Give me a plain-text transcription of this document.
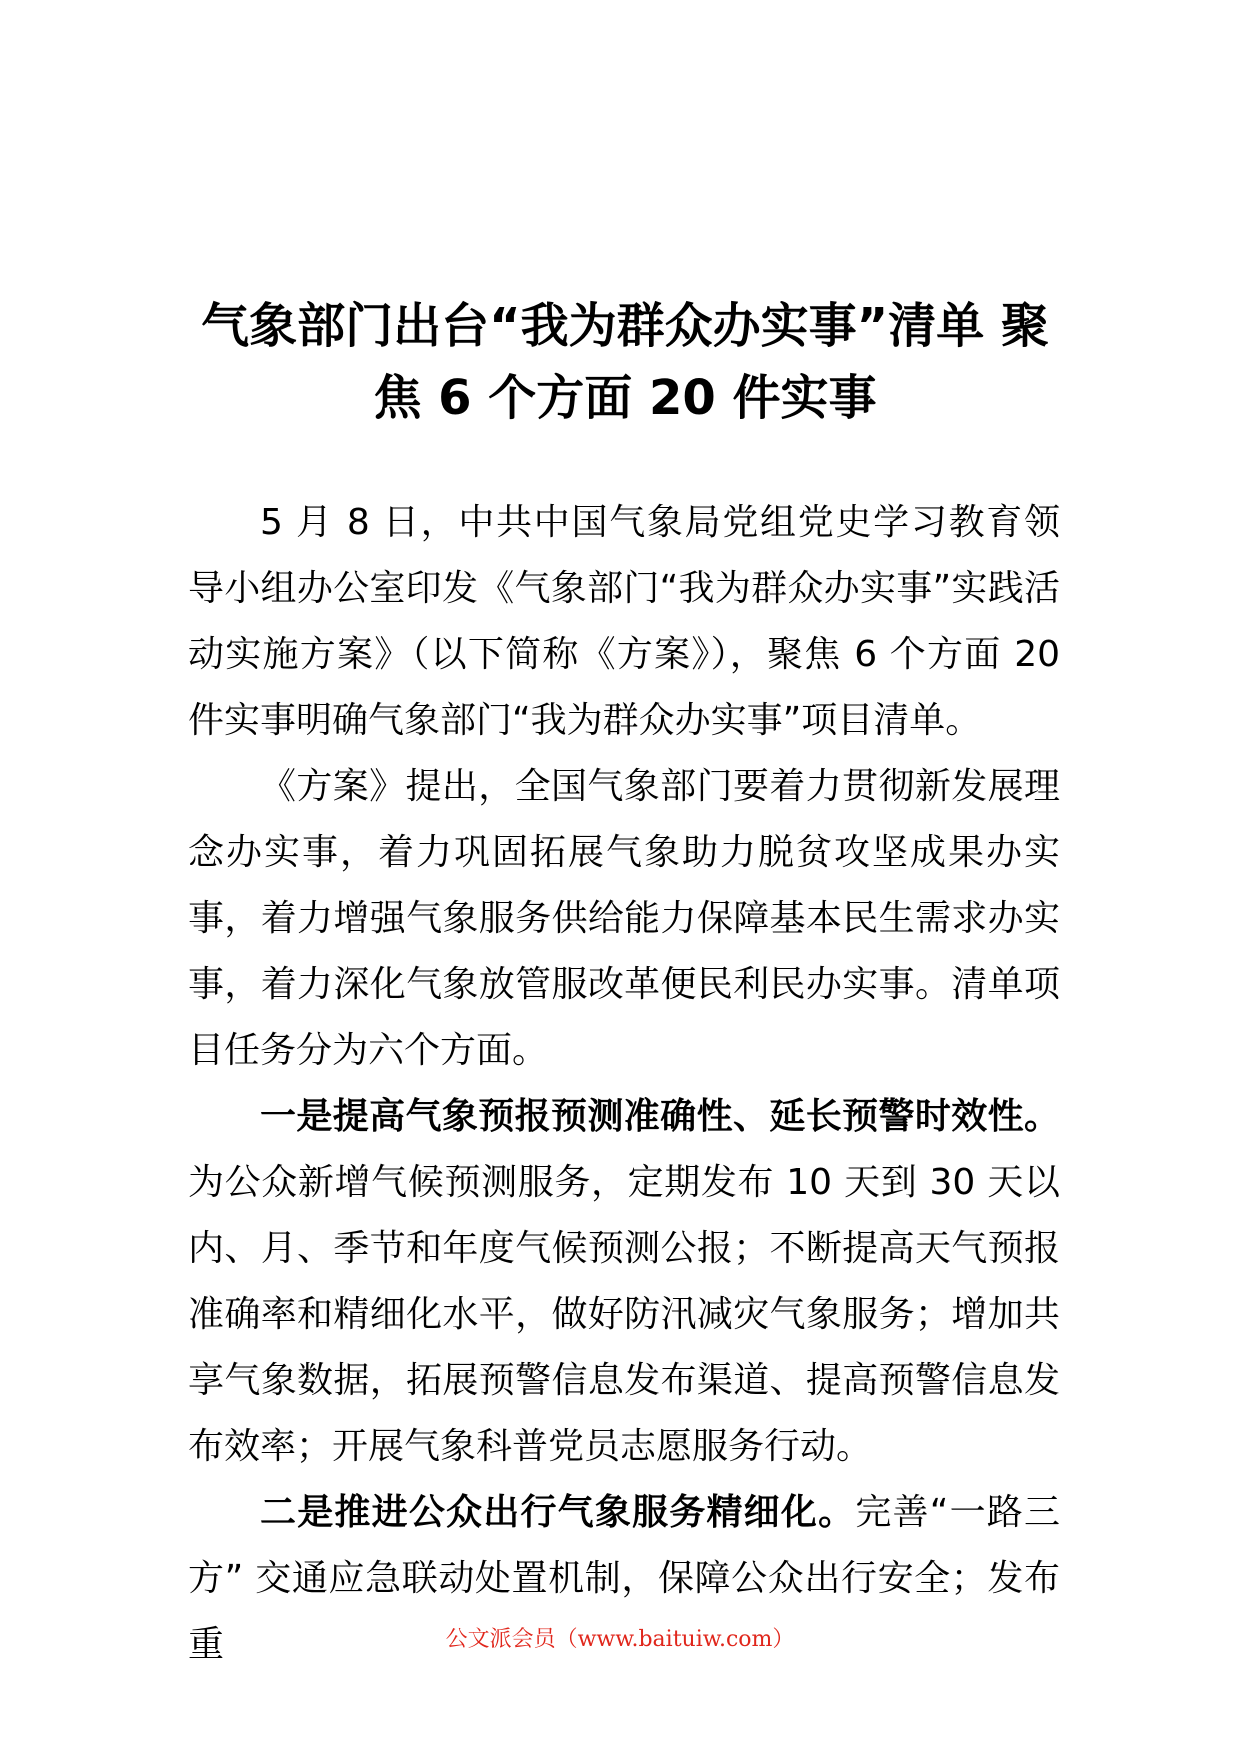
气象部门出台“我为群众办实事”清单 聚
焦 6 个方面 20 件实事

5 月 8 日，中共中国气象局党组党史学习教育领导小组办公室印发《气象部门“我为群众办实事”实践活动实施方案》（以下简称《方案》），聚焦 6 个方面 20 件实事明确气象部门“我为群众办实事”项目清单。

《方案》提出，全国气象部门要着力贯彻新发展理念办实事，着力巩固拓展气象助力脱贫攻坚成果办实事，着力增强气象服务供给能力保障基本民生需求办实事，着力深化气象放管服改革便民利民办实事。清单项目任务分为六个方面。

一是提高气象预报预测准确性、延长预警时效性。为公众新增气候预测服务，定期发布 10 天到 30 天以内、月、季节和年度气候预测公报；不断提高天气预报准确率和精细化水平，做好防汛减灾气象服务；增加共享气象数据，拓展预警信息发布渠道、提高预警信息发布效率；开展气象科普党员志愿服务行动。

二是推进公众出行气象服务精细化。完善“一路三方” 交通应急联动处置机制，保障公众出行安全；发布重	公文派会员（www.baituiw.com）
